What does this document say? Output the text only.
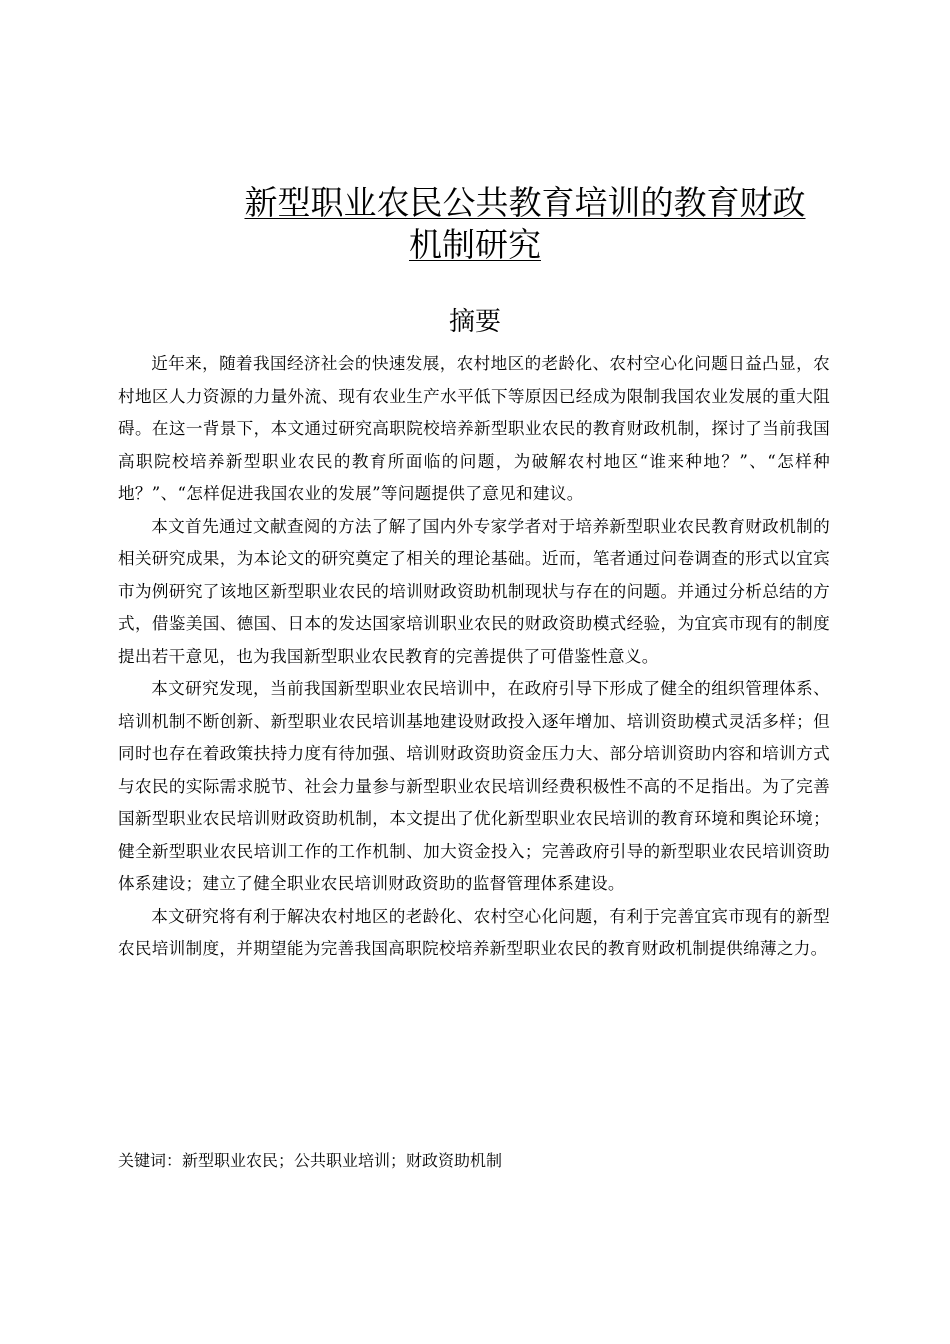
新型职业农民公共教育培训的教育财政
机制研究
摘要

近年来，随着我国经济社会的快速发展，农村地区的老龄化、农村空心化问题日益凸显，农村地区人力资源的力量外流、现有农业生产水平低下等原因已经成为限制我国农业发展的重大阻碍。在这一背景下，本文通过研究高职院校培养新型职业农民的教育财政机制，探讨了当前我国高职院校培养新型职业农民的教育所面临的问题，为破解农村地区“谁来种地？”、“怎样种地？”、“怎样促进我国农业的发展”等问题提供了意见和建议。

本文首先通过文献查阅的方法了解了国内外专家学者对于培养新型职业农民教育财政机制的相关研究成果，为本论文的研究奠定了相关的理论基础。近而，笔者通过问卷调查的形式以宜宾市为例研究了该地区新型职业农民的培训财政资助机制现状与存在的问题。并通过分析总结的方式，借鉴美国、德国、日本的发达国家培训职业农民的财政资助模式经验，为宜宾市现有的制度提出若干意见，也为我国新型职业农民教育的完善提供了可借鉴性意义。

本文研究发现，当前我国新型职业农民培训中，在政府引导下形成了健全的组织管理体系、培训机制不断创新、新型职业农民培训基地建设财政投入逐年增加、培训资助模式灵活多样；但同时也存在着政策扶持力度有待加强、培训财政资助资金压力大、部分培训资助内容和培训方式与农民的实际需求脱节、社会力量参与新型职业农民培训经费积极性不高的不足指出。为了完善国新型职业农民培训财政资助机制，本文提出了优化新型职业农民培训的教育环境和舆论环境；健全新型职业农民培训工作的工作机制、加大资金投入；完善政府引导的新型职业农民培训资助体系建设；建立了健全职业农民培训财政资助的监督管理体系建设。

本文研究将有利于解决农村地区的老龄化、农村空心化问题，有利于完善宜宾市现有的新型农民培训制度，并期望能为完善我国高职院校培养新型职业农民的教育财政机制提供绵薄之力。

关键词：新型职业农民；公共职业培训；财政资助机制
